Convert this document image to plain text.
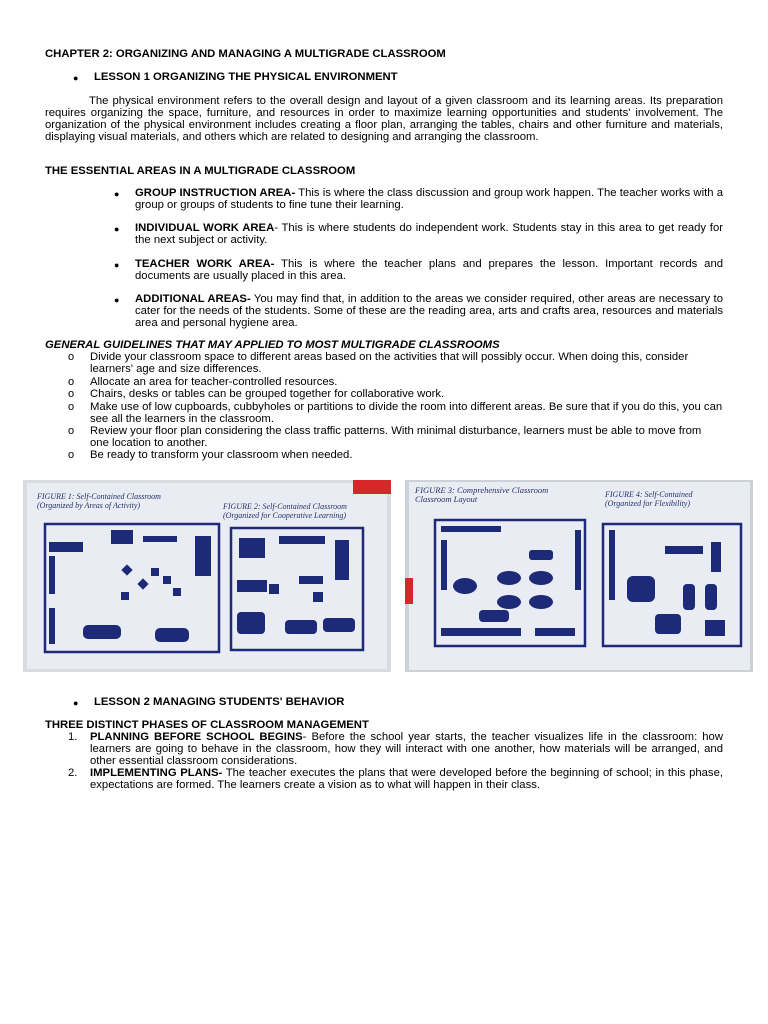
CHAPTER 2: ORGANIZING AND MANAGING A MULTIGRADE CLASSROOM
● LESSON 1 ORGANIZING THE PHYSICAL ENVIRONMENT
The physical environment refers to the overall design and layout of a given classroom and its learning areas. Its preparation requires organizing the space, furniture, and resources in order to maximize learning opportunities and students' involvement. The organization of the physical environment includes creating a floor plan, arranging the tables, chairs and other furniture and materials, displaying visual materials, and others which are related to designing and arranging the classroom.
THE ESSENTIAL AREAS IN A MULTIGRADE CLASSROOM
● GROUP INSTRUCTION AREA- This is where the class discussion and group work happen. The teacher works with a group or groups of students to fine tune their learning.
● INDIVIDUAL WORK AREA- This is where students do independent work. Students stay in this area to get ready for the next subject or activity.
● TEACHER WORK AREA- This is where the teacher plans and prepares the lesson. Important records and documents are usually placed in this area.
● ADDITIONAL AREAS- You may find that, in addition to the areas we consider required, other areas are necessary to cater for the needs of the students. Some of these are the reading area, arts and crafts area, resources and materials area and personal hygiene area.
GENERAL GUIDELINES THAT MAY APPLIED TO MOST MULTIGRADE CLASSROOMS
o Divide your classroom space to different areas based on the activities that will possibly occur. When doing this, consider learners' age and size differences.
o Allocate an area for teacher-controlled resources.
o Chairs, desks or tables can be grouped together for collaborative work.
o Make use of low cupboards, cubbyholes or partitions to divide the room into different areas. Be sure that if you do this, you can see all the learners in the classroom.
o Review your floor plan considering the class traffic patterns. With minimal disturbance, learners must be able to move from one location to another.
o Be ready to transform your classroom when needed.
FIGURE 1: Self-Contained Classroom
(Organized by Areas of Activity)	FIGURE 2: Self-Contained Classroom
(Organized for Cooperative Learning)
FIGURE 3: Comprehensive Classroom
Classroom Layout	FIGURE 4: Self-Contained
(Organized for Flexibility)
● LESSON 2 MANAGING STUDENTS' BEHAVIOR
THREE DISTINCT PHASES OF CLASSROOM MANAGEMENT
1. PLANNING BEFORE SCHOOL BEGINS- Before the school year starts, the teacher visualizes life in the classroom: how learners are going to behave in the classroom, how they will interact with one another, how materials will be arranged, and other essential classroom considerations.
2. IMPLEMENTING PLANS- The teacher executes the plans that were developed before the beginning of school; in this phase, expectations are formed. The learners create a vision as to what will happen in their class.
